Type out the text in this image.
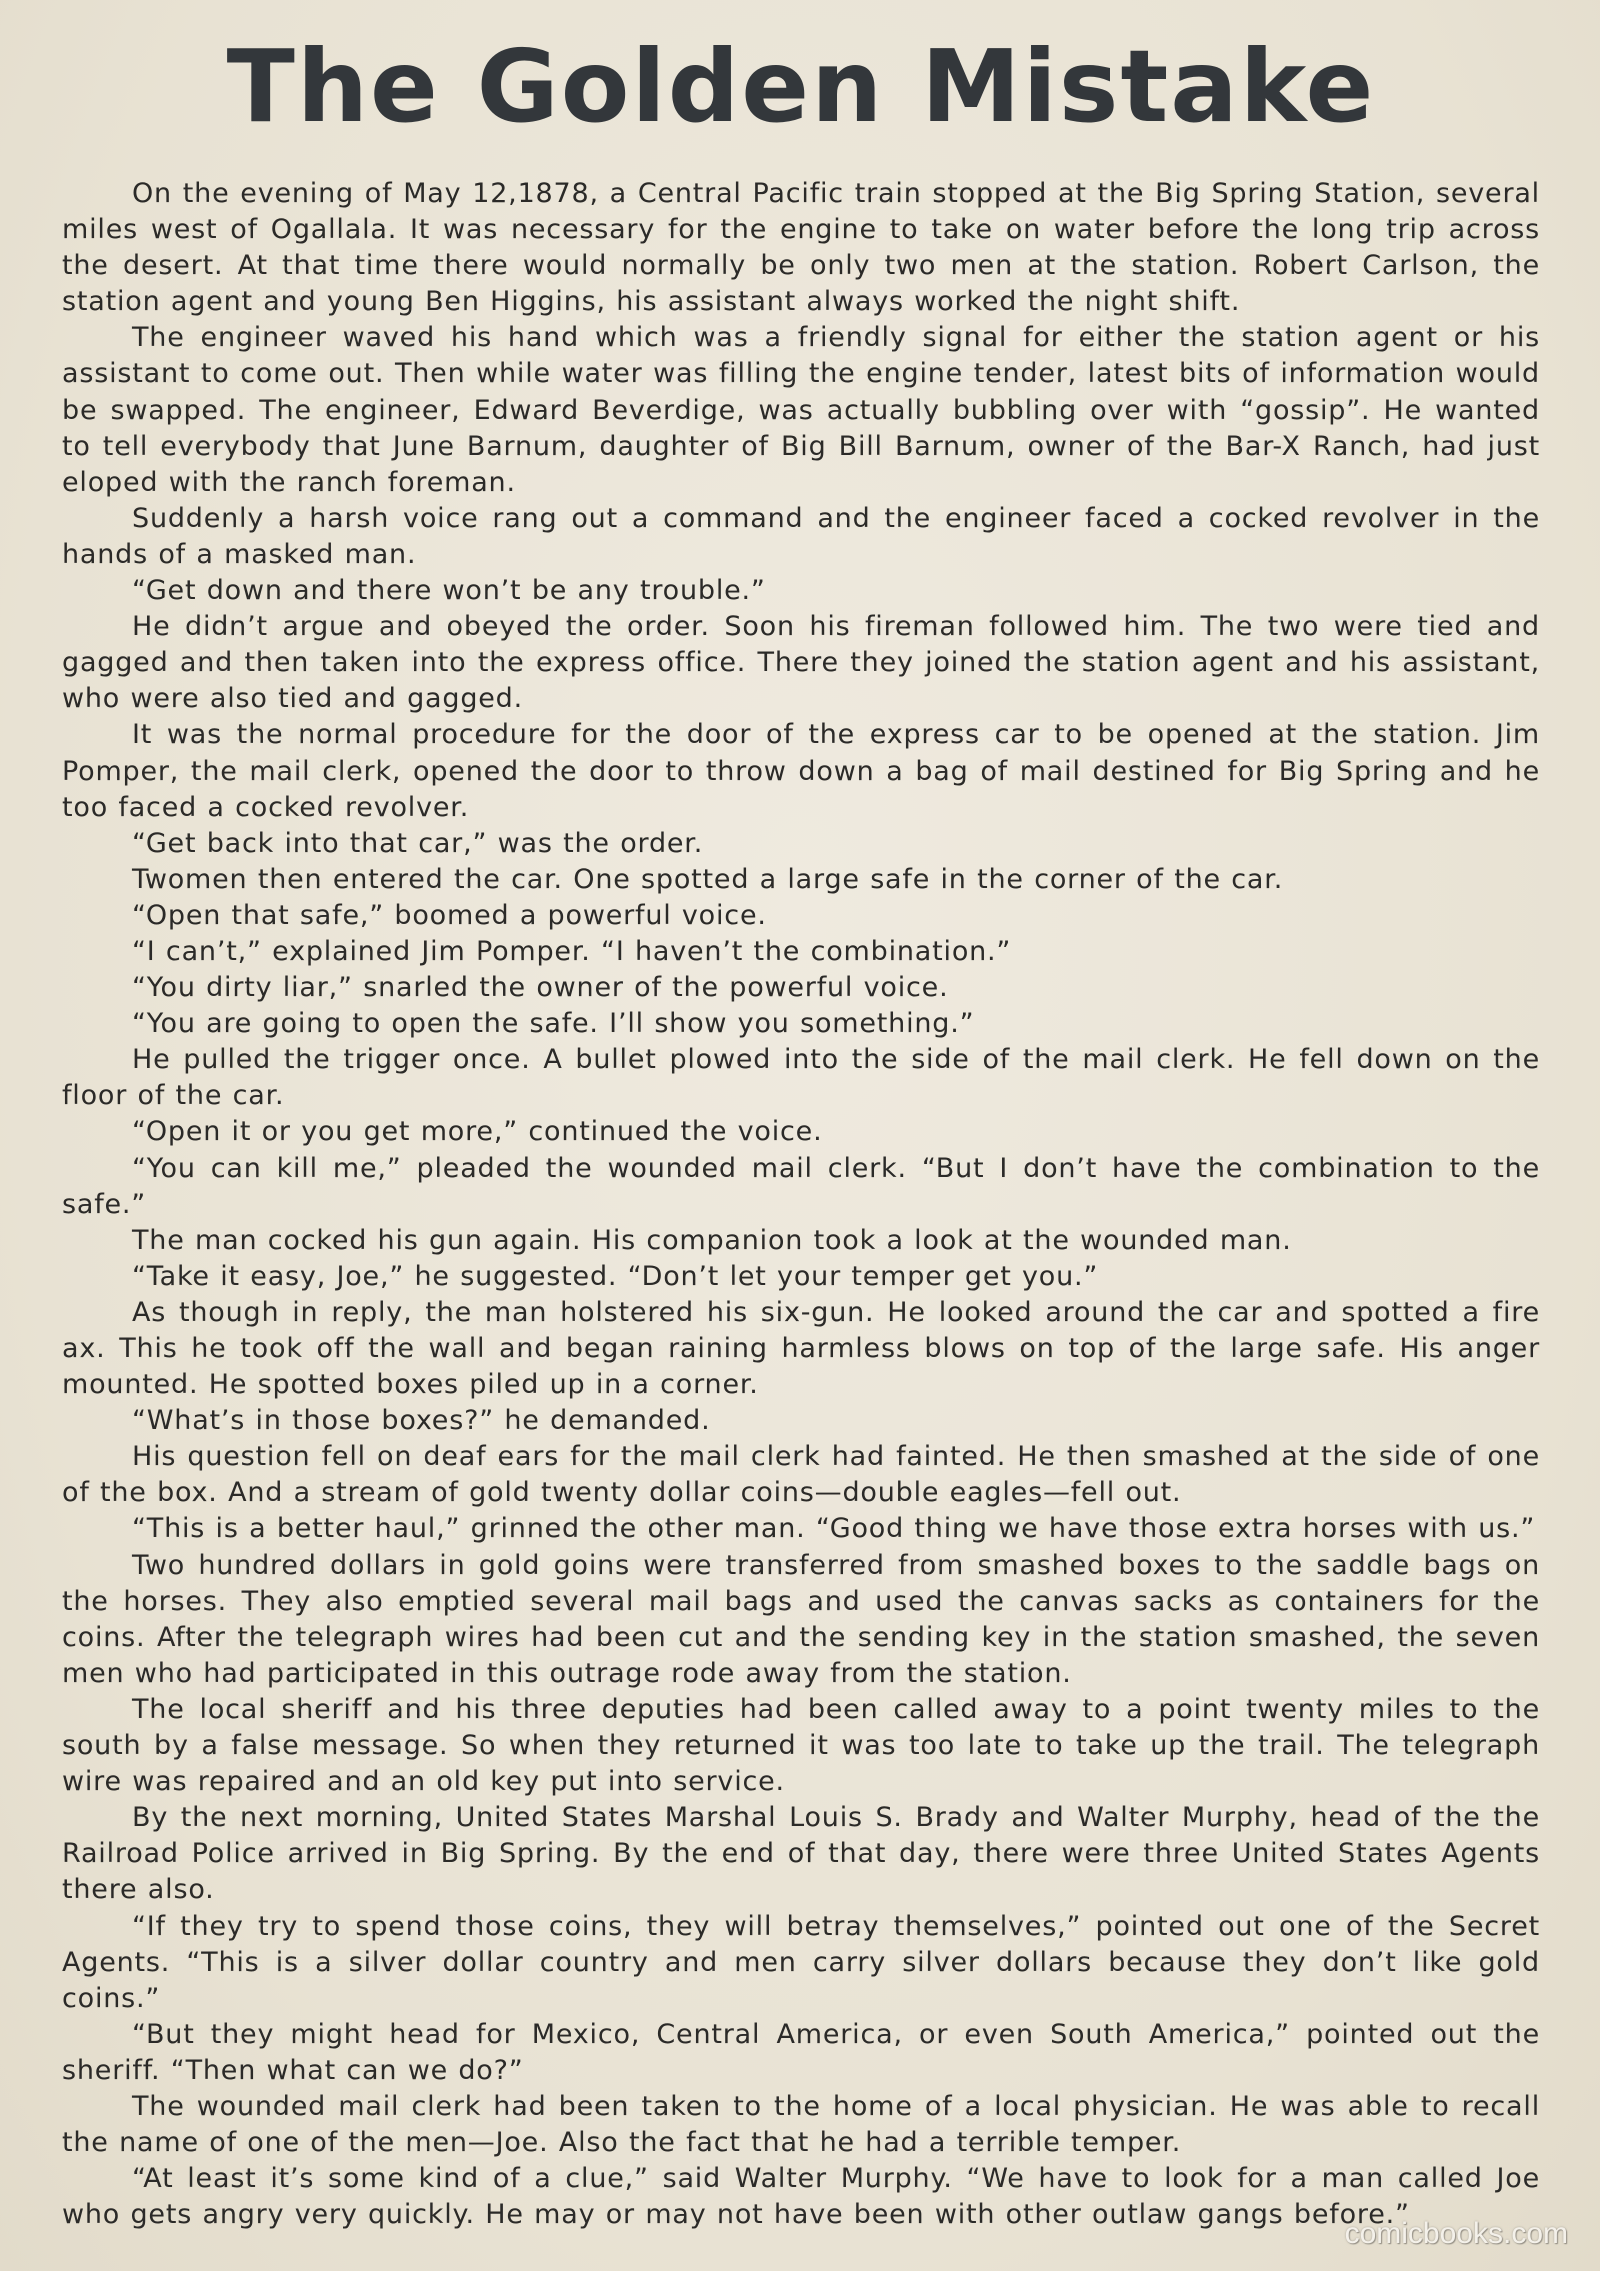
The Golden Mistake

On the evening of May 12,1878, a Central Pacific train stopped at the Big Spring Station, several miles west of Ogallala. It was necessary for the engine to take on water before the long trip across the desert. At that time there would normally be only two men at the station. Robert Carlson, the station agent and young Ben Higgins, his assistant always worked the night shift.

The engineer waved his hand which was a friendly signal for either the station agent or his assistant to come out. Then while water was filling the engine tender, latest bits of information would be swapped. The engineer, Edward Beverdige, was actually bubbling over with “gossip”. He wanted to tell everybody that June Barnum, daughter of Big Bill Barnum, owner of the Bar-X Ranch, had just eloped with the ranch foreman.

Suddenly a harsh voice rang out a command and the engineer faced a cocked revolver in the hands of a masked man.

“Get down and there won’t be any trouble.”

He didn’t argue and obeyed the order. Soon his fireman followed him. The two were tied and gagged and then taken into the express office. There they joined the station agent and his assistant, who were also tied and gagged.

It was the normal procedure for the door of the express car to be opened at the station. Jim Pomper, the mail clerk, opened the door to throw down a bag of mail destined for Big Spring and he too faced a cocked revolver.

“Get back into that car,” was the order.

Twomen then entered the car. One spotted a large safe in the corner of the car.

“Open that safe,” boomed a powerful voice.

“I can’t,” explained Jim Pomper. “I haven’t the combination.”

“You dirty liar,” snarled the owner of the powerful voice.

“You are going to open the safe. I’ll show you something.”

He pulled the trigger once. A bullet plowed into the side of the mail clerk. He fell down on the floor of the car.

“Open it or you get more,” continued the voice.

“You can kill me,” pleaded the wounded mail clerk. “But I don’t have the combination to the safe.”

The man cocked his gun again. His companion took a look at the wounded man.

“Take it easy, Joe,” he suggested. “Don’t let your temper get you.”

As though in reply, the man holstered his six-gun. He looked around the car and spotted a fire ax. This he took off the wall and began raining harmless blows on top of the large safe. His anger mounted. He spotted boxes piled up in a corner.

“What’s in those boxes?” he demanded.

His question fell on deaf ears for the mail clerk had fainted. He then smashed at the side of one of the box. And a stream of gold twenty dollar coins—double eagles—fell out.

“This is a better haul,” grinned the other man. “Good thing we have those extra horses with us.”

Two hundred dollars in gold goins were transferred from smashed boxes to the saddle bags on the horses. They also emptied several mail bags and used the canvas sacks as containers for the coins. After the telegraph wires had been cut and the sending key in the station smashed, the seven men who had participated in this outrage rode away from the station.

The local sheriff and his three deputies had been called away to a point twenty miles to the south by a false message. So when they returned it was too late to take up the trail. The telegraph wire was repaired and an old key put into service.

By the next morning, United States Marshal Louis S. Brady and Walter Murphy, head of the the Railroad Police arrived in Big Spring. By the end of that day, there were three United States Agents there also.

“If they try to spend those coins, they will betray themselves,” pointed out one of the Secret Agents. “This is a silver dollar country and men carry silver dollars because they don’t like gold coins.”

“But they might head for Mexico, Central America, or even South America,” pointed out the sheriff. “Then what can we do?”

The wounded mail clerk had been taken to the home of a local physician. He was able to recall the name of one of the men—Joe. Also the fact that he had a terrible temper.

“At least it’s some kind of a clue,” said Walter Murphy. “We have to look for a man called Joe who gets angry very quickly. He may or may not have been with other outlaw gangs before.”

comicbooks.com
